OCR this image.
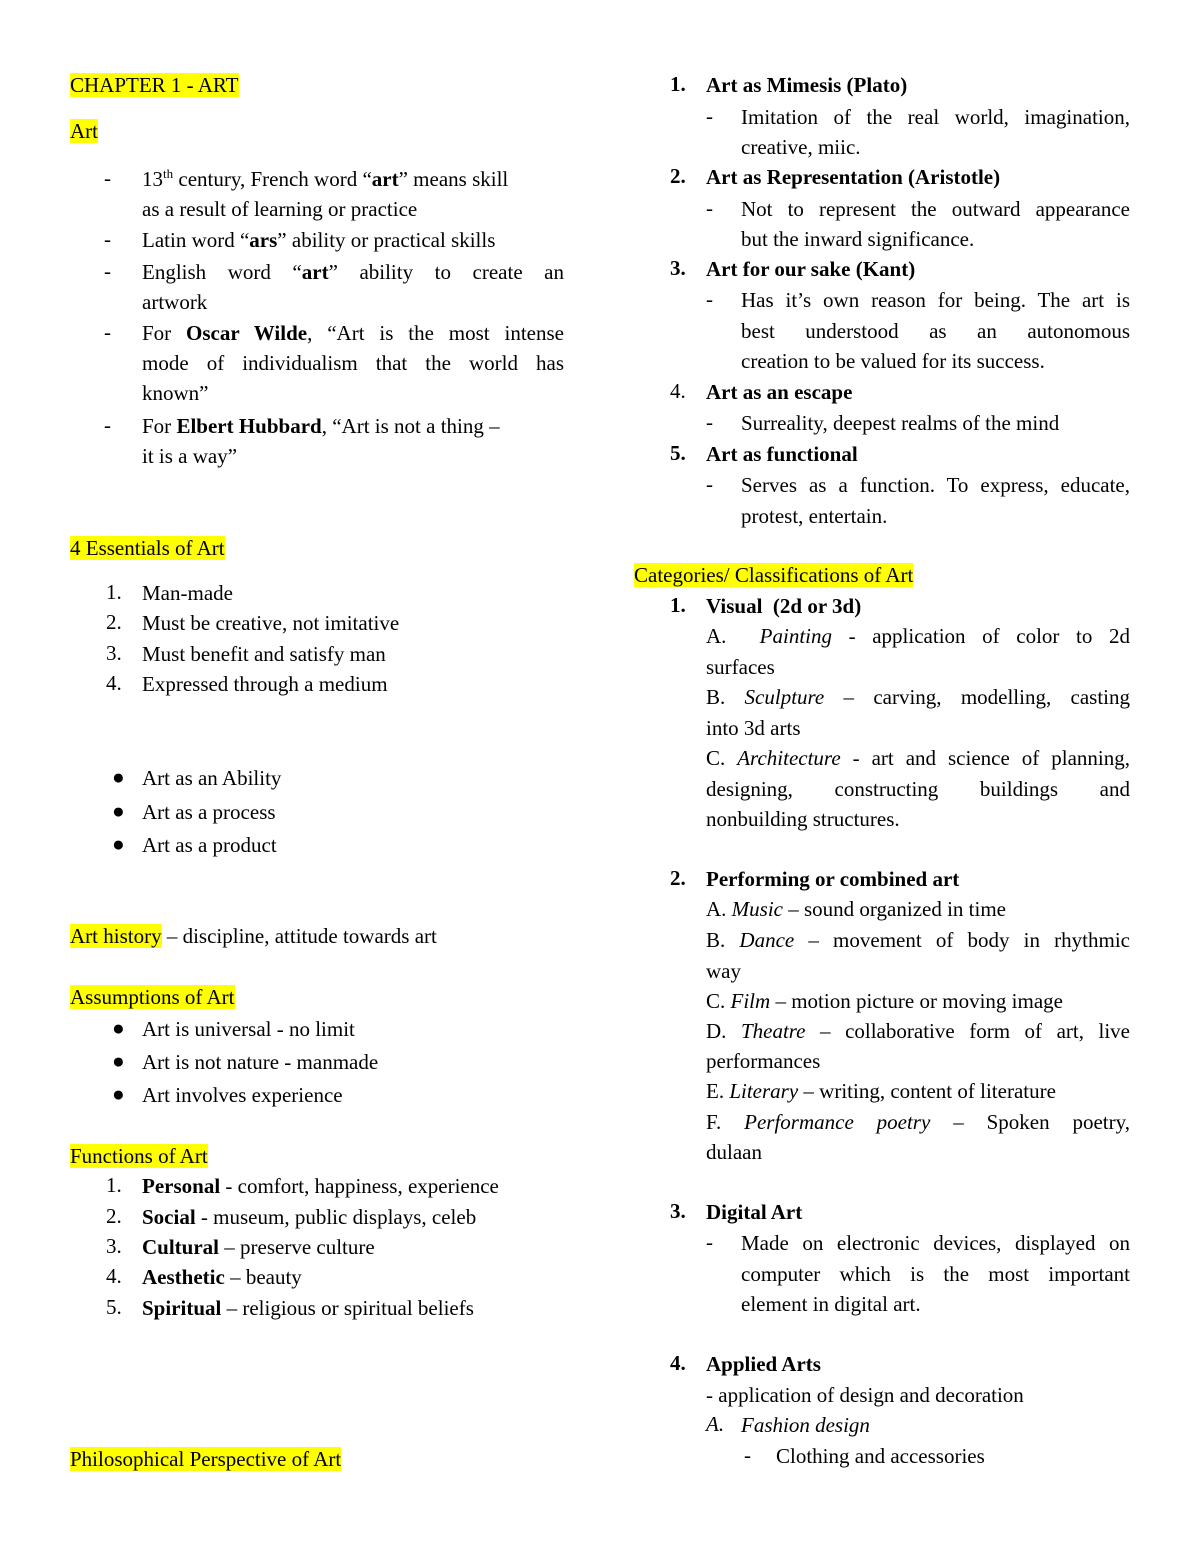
CHAPTER 1 - ART
Art
- 13th century, French word “art” means skill
as a result of learning or practice
- Latin word “ars” ability or practical skills
- English word “art” ability to create an
artwork
- For Oscar Wilde, “Art is the most intense
mode of individualism that the world has
known”
- For Elbert Hubbard, “Art is not a thing –
it is a way”
4 Essentials of Art
1. Man-made
2. Must be creative, not imitative
3. Must benefit and satisfy man
4. Expressed through a medium
● Art as an Ability
● Art as a process
● Art as a product
Art history – discipline, attitude towards art
Assumptions of Art
● Art is universal - no limit
● Art is not nature - manmade
● Art involves experience
Functions of Art
1. Personal - comfort, happiness, experience
2. Social - museum, public displays, celeb
3. Cultural – preserve culture
4. Aesthetic – beauty
5. Spiritual – religious or spiritual beliefs
Philosophical Perspective of Art
1. Art as Mimesis (Plato)
- Imitation of the real world, imagination,
creative, miic.
2. Art as Representation (Aristotle)
- Not to represent the outward appearance
but the inward significance.
3. Art for our sake (Kant)
- Has it’s own reason for being. The art is
best understood as an autonomous
creation to be valued for its success.
4. Art as an escape
- Surreality, deepest realms of the mind
5. Art as functional
- Serves as a function. To express, educate,
protest, entertain.
Categories/ Classifications of Art
1. Visual  (2d or 3d)
A.  Painting - application of color to 2d
surfaces
B. Sculpture – carving, modelling, casting
into 3d arts
C. Architecture - art and science of planning,
designing, constructing buildings and
nonbuilding structures.
2. Performing or combined art
A. Music – sound organized in time
B. Dance – movement of body in rhythmic
way
C. Film – motion picture or moving image
D. Theatre – collaborative form of art, live
performances
E. Literary – writing, content of literature
F. Performance poetry – Spoken poetry,
dulaan
3. Digital Art
- Made on electronic devices, displayed on
computer which is the most important
element in digital art.
4. Applied Arts
- application of design and decoration
A. Fashion design
- Clothing and accessories
